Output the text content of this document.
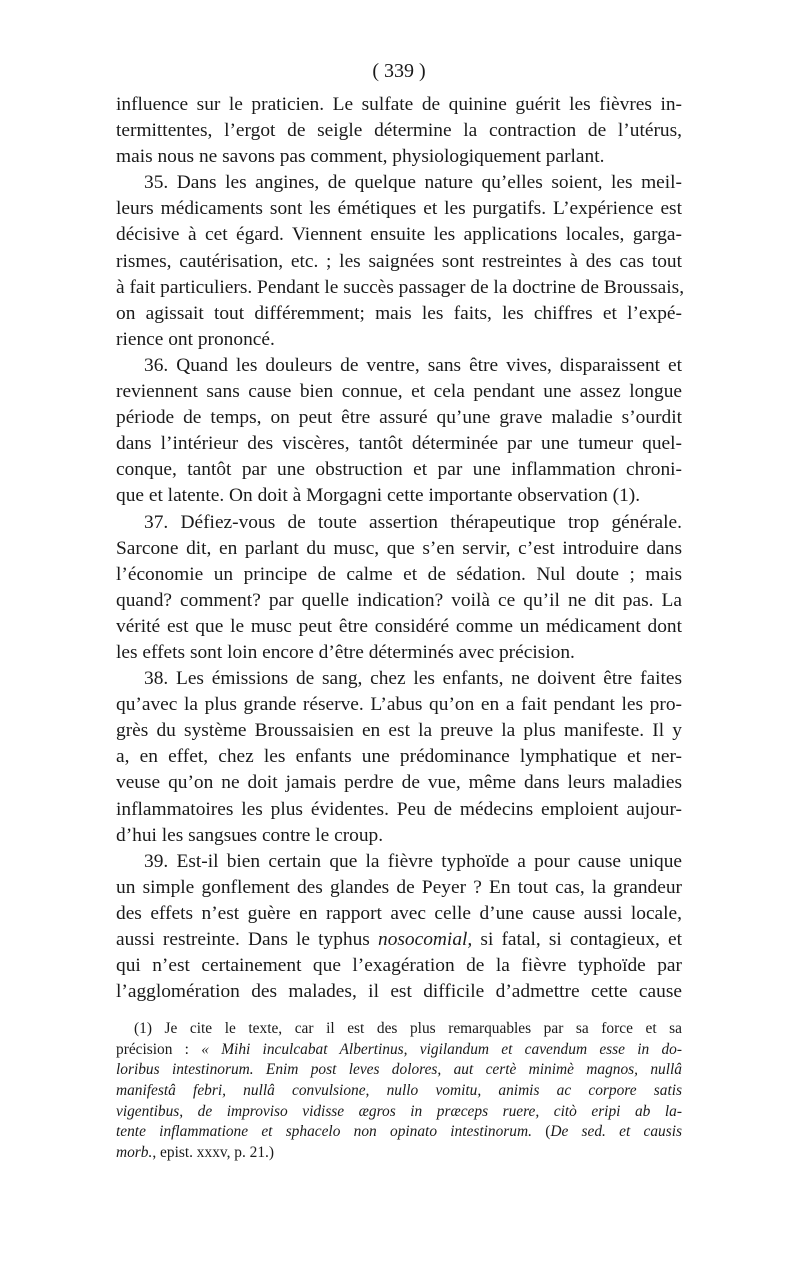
( 339 )
influence sur le praticien. Le sulfate de quinine guérit les fièvres in-
termittentes, l’ergot de seigle détermine la contraction de l’utérus,
mais nous ne savons pas comment, physiologiquement parlant.
35. Dans les angines, de quelque nature qu’elles soient, les meil-
leurs médicaments sont les émétiques et les purgatifs. L’expérience est
décisive à cet égard. Viennent ensuite les applications locales, garga-
rismes, cautérisation, etc. ; les saignées sont restreintes à des cas tout
à fait particuliers. Pendant le succès passager de la doctrine de Broussais,
on agissait tout différemment; mais les faits, les chiffres et l’expé-
rience ont prononcé.
36. Quand les douleurs de ventre, sans être vives, disparaissent et
reviennent sans cause bien connue, et cela pendant une assez longue
période de temps, on peut être assuré qu’une grave maladie s’ourdit
dans l’intérieur des viscères, tantôt déterminée par une tumeur quel-
conque, tantôt par une obstruction et par une inflammation chroni-
que et latente. On doit à Morgagni cette importante observation (1).
37. Défiez-vous de toute assertion thérapeutique trop générale.
Sarcone dit, en parlant du musc, que s’en servir, c’est introduire dans
l’économie un principe de calme et de sédation. Nul doute ; mais
quand? comment? par quelle indication? voilà ce qu’il ne dit pas. La
vérité est que le musc peut être considéré comme un médicament dont
les effets sont loin encore d’être déterminés avec précision.
38. Les émissions de sang, chez les enfants, ne doivent être faites
qu’avec la plus grande réserve. L’abus qu’on en a fait pendant les pro-
grès du système Broussaisien en est la preuve la plus manifeste. Il y
a, en effet, chez les enfants une prédominance lymphatique et ner-
veuse qu’on ne doit jamais perdre de vue, même dans leurs maladies
inflammatoires les plus évidentes. Peu de médecins emploient aujour-
d’hui les sangsues contre le croup.
39. Est-il bien certain que la fièvre typhoïde a pour cause unique
un simple gonflement des glandes de Peyer ? En tout cas, la grandeur
des effets n’est guère en rapport avec celle d’une cause aussi locale,
aussi restreinte. Dans le typhus nosocomial, si fatal, si contagieux, et
qui n’est certainement que l’exagération de la fièvre typhoïde par
l’agglomération des malades, il est difficile d’admettre cette cause
(1) Je cite le texte, car il est des plus remarquables par sa force et sa
précision : « Mihi inculcabat Albertinus, vigilandum et cavendum esse in do-
loribus intestinorum. Enim post leves dolores, aut certè minimè magnos, nullâ
manifestâ febri, nullâ convulsione, nullo vomitu, animis ac corpore satis
vigentibus, de improviso vidisse ægros in præceps ruere, citò eripi ab la-
tente inflammatione et sphacelo non opinato intestinorum. (De sed. et causis
morb., epist. xxxv, p. 21.)
